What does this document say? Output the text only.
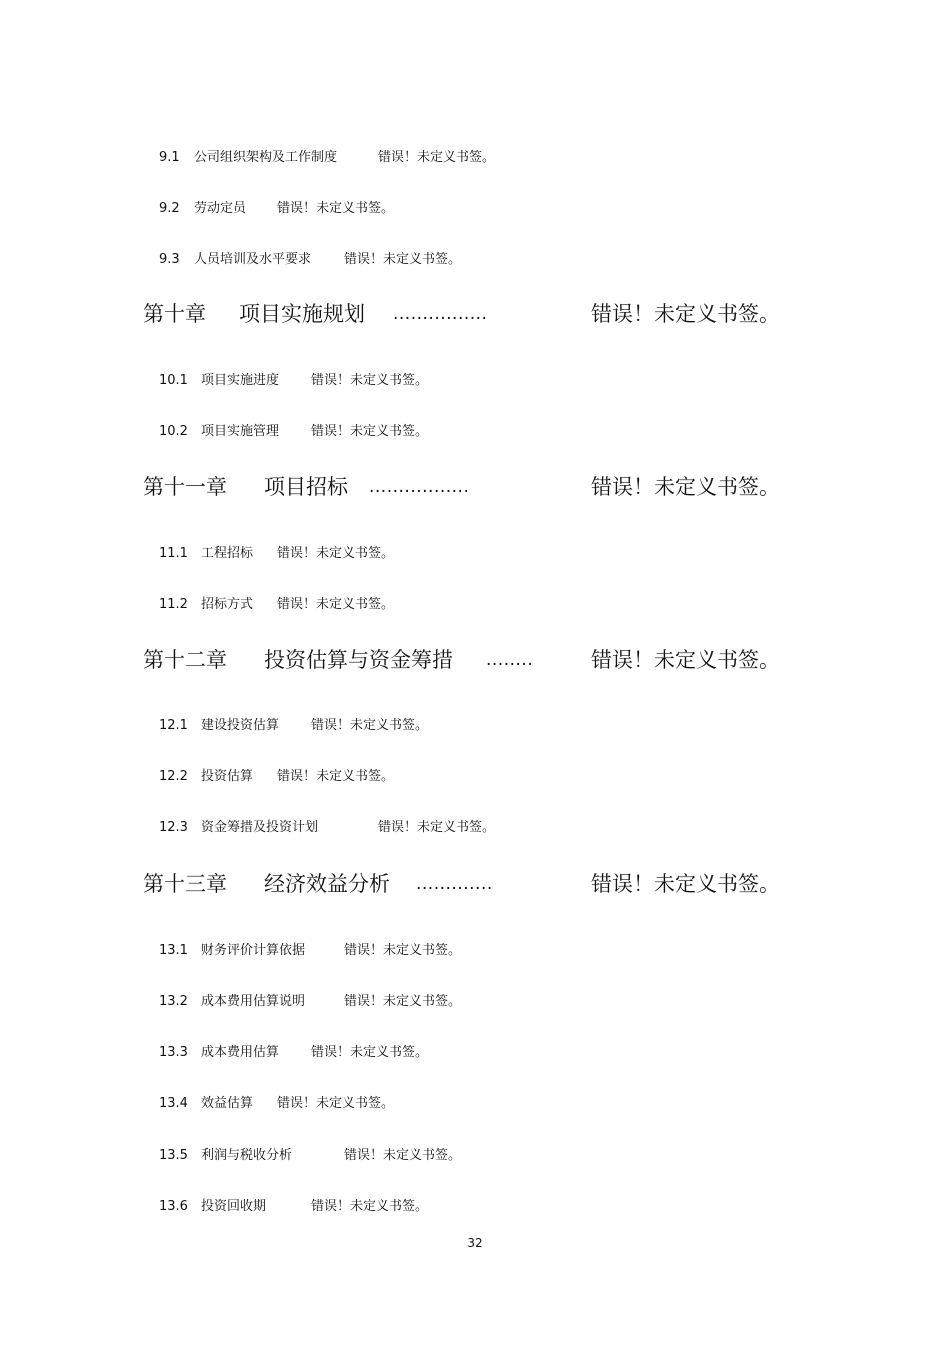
9.1 公司组织架构及工作制度	错误！未定义书签。
9.2 劳动定员 错误！未定义书签。
9.3 人员培训及水平要求	错误！未定义书签。
第十章 项目实施规划 ................	错误！未定义书签。
10.1 项目实施进度 错误！未定义书签。
10.2 项目实施管理 错误！未定义书签。
第十一章 项目招标 .................	错误！未定义书签。
11.1 工程招标 错误！未定义书签。
11.2 招标方式 错误！未定义书签。
第十二章 投资估算与资金筹措 ........	错误！未定义书签。
12.1 建设投资估算 错误！未定义书签。
12.2 投资估算 错误！未定义书签。
12.3 资金筹措及投资计划	错误！未定义书签。
第十三章 经济效益分析 .............	错误！未定义书签。
13.1 财务评价计算依据	错误！未定义书签。
13.2 成本费用估算说明	错误！未定义书签。
13.3 成本费用估算 错误！未定义书签。
13.4 效益估算 错误！未定义书签。
13.5 利润与税收分析	错误！未定义书签。
13.6 投资回收期	错误！未定义书签。
32
